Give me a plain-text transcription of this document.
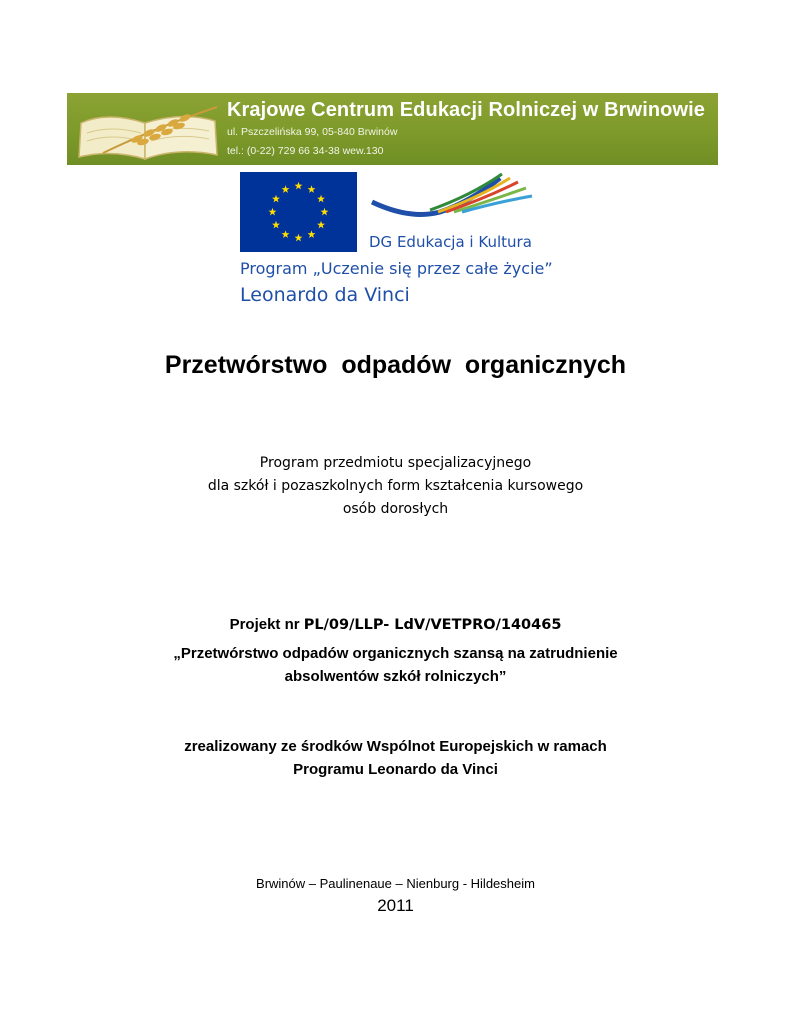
Krajowe Centrum Edukacji Rolniczej w Brwinowie
ul. Pszczelińska 99, 05-840 Brwinów
tel.: (0-22) 729 66 34-38 wew.130
DG Edukacja i Kultura
Program „Uczenie się przez całe życie”
Leonardo da Vinci
Przetwórstwo  odpadów  organicznych
Program przedmiotu specjalizacyjnego
dla szkół i pozaszkolnych form kształcenia kursowego
osób dorosłych
Projekt nr PL/09/LLP- LdV/VETPRO/140465
„Przetwórstwo odpadów organicznych szansą na zatrudnienie
absolwentów szkół rolniczych”
zrealizowany ze środków Wspólnot Europejskich w ramach
Programu Leonardo da Vinci
Brwinów – Paulinenaue – Nienburg - Hildesheim
2011
